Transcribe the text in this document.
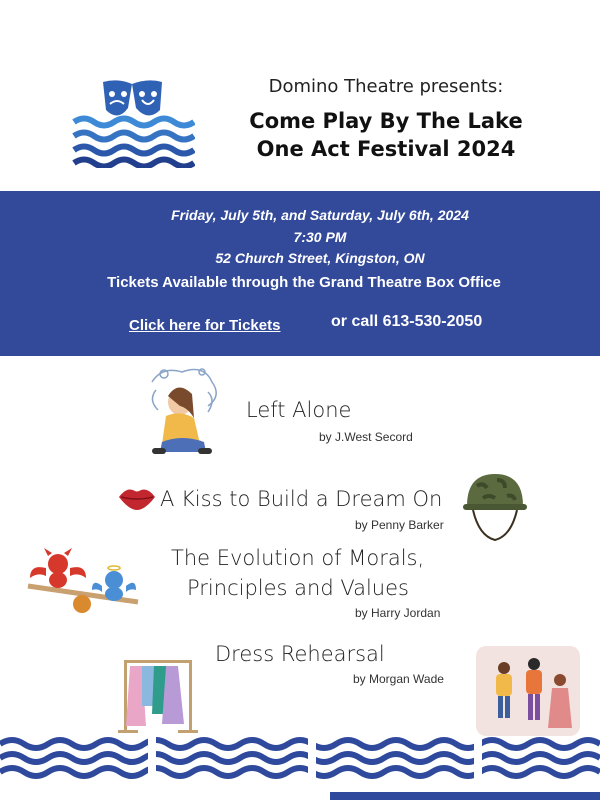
Domino Theatre presents:
Come Play By The Lake
One Act Festival 2024
Friday, July 5th, and Saturday, July 6th, 2024
7:30 PM
52 Church Street, Kingston, ON
Tickets Available through the Grand Theatre Box Office
Click here for Tickets	or call 613-530-2050
Left Alone
by J.West Secord
A Kiss to Build a Dream On
by Penny Barker
The Evolution of Morals,
Principles and Values
by Harry Jordan
Dress Rehearsal
by Morgan Wade
